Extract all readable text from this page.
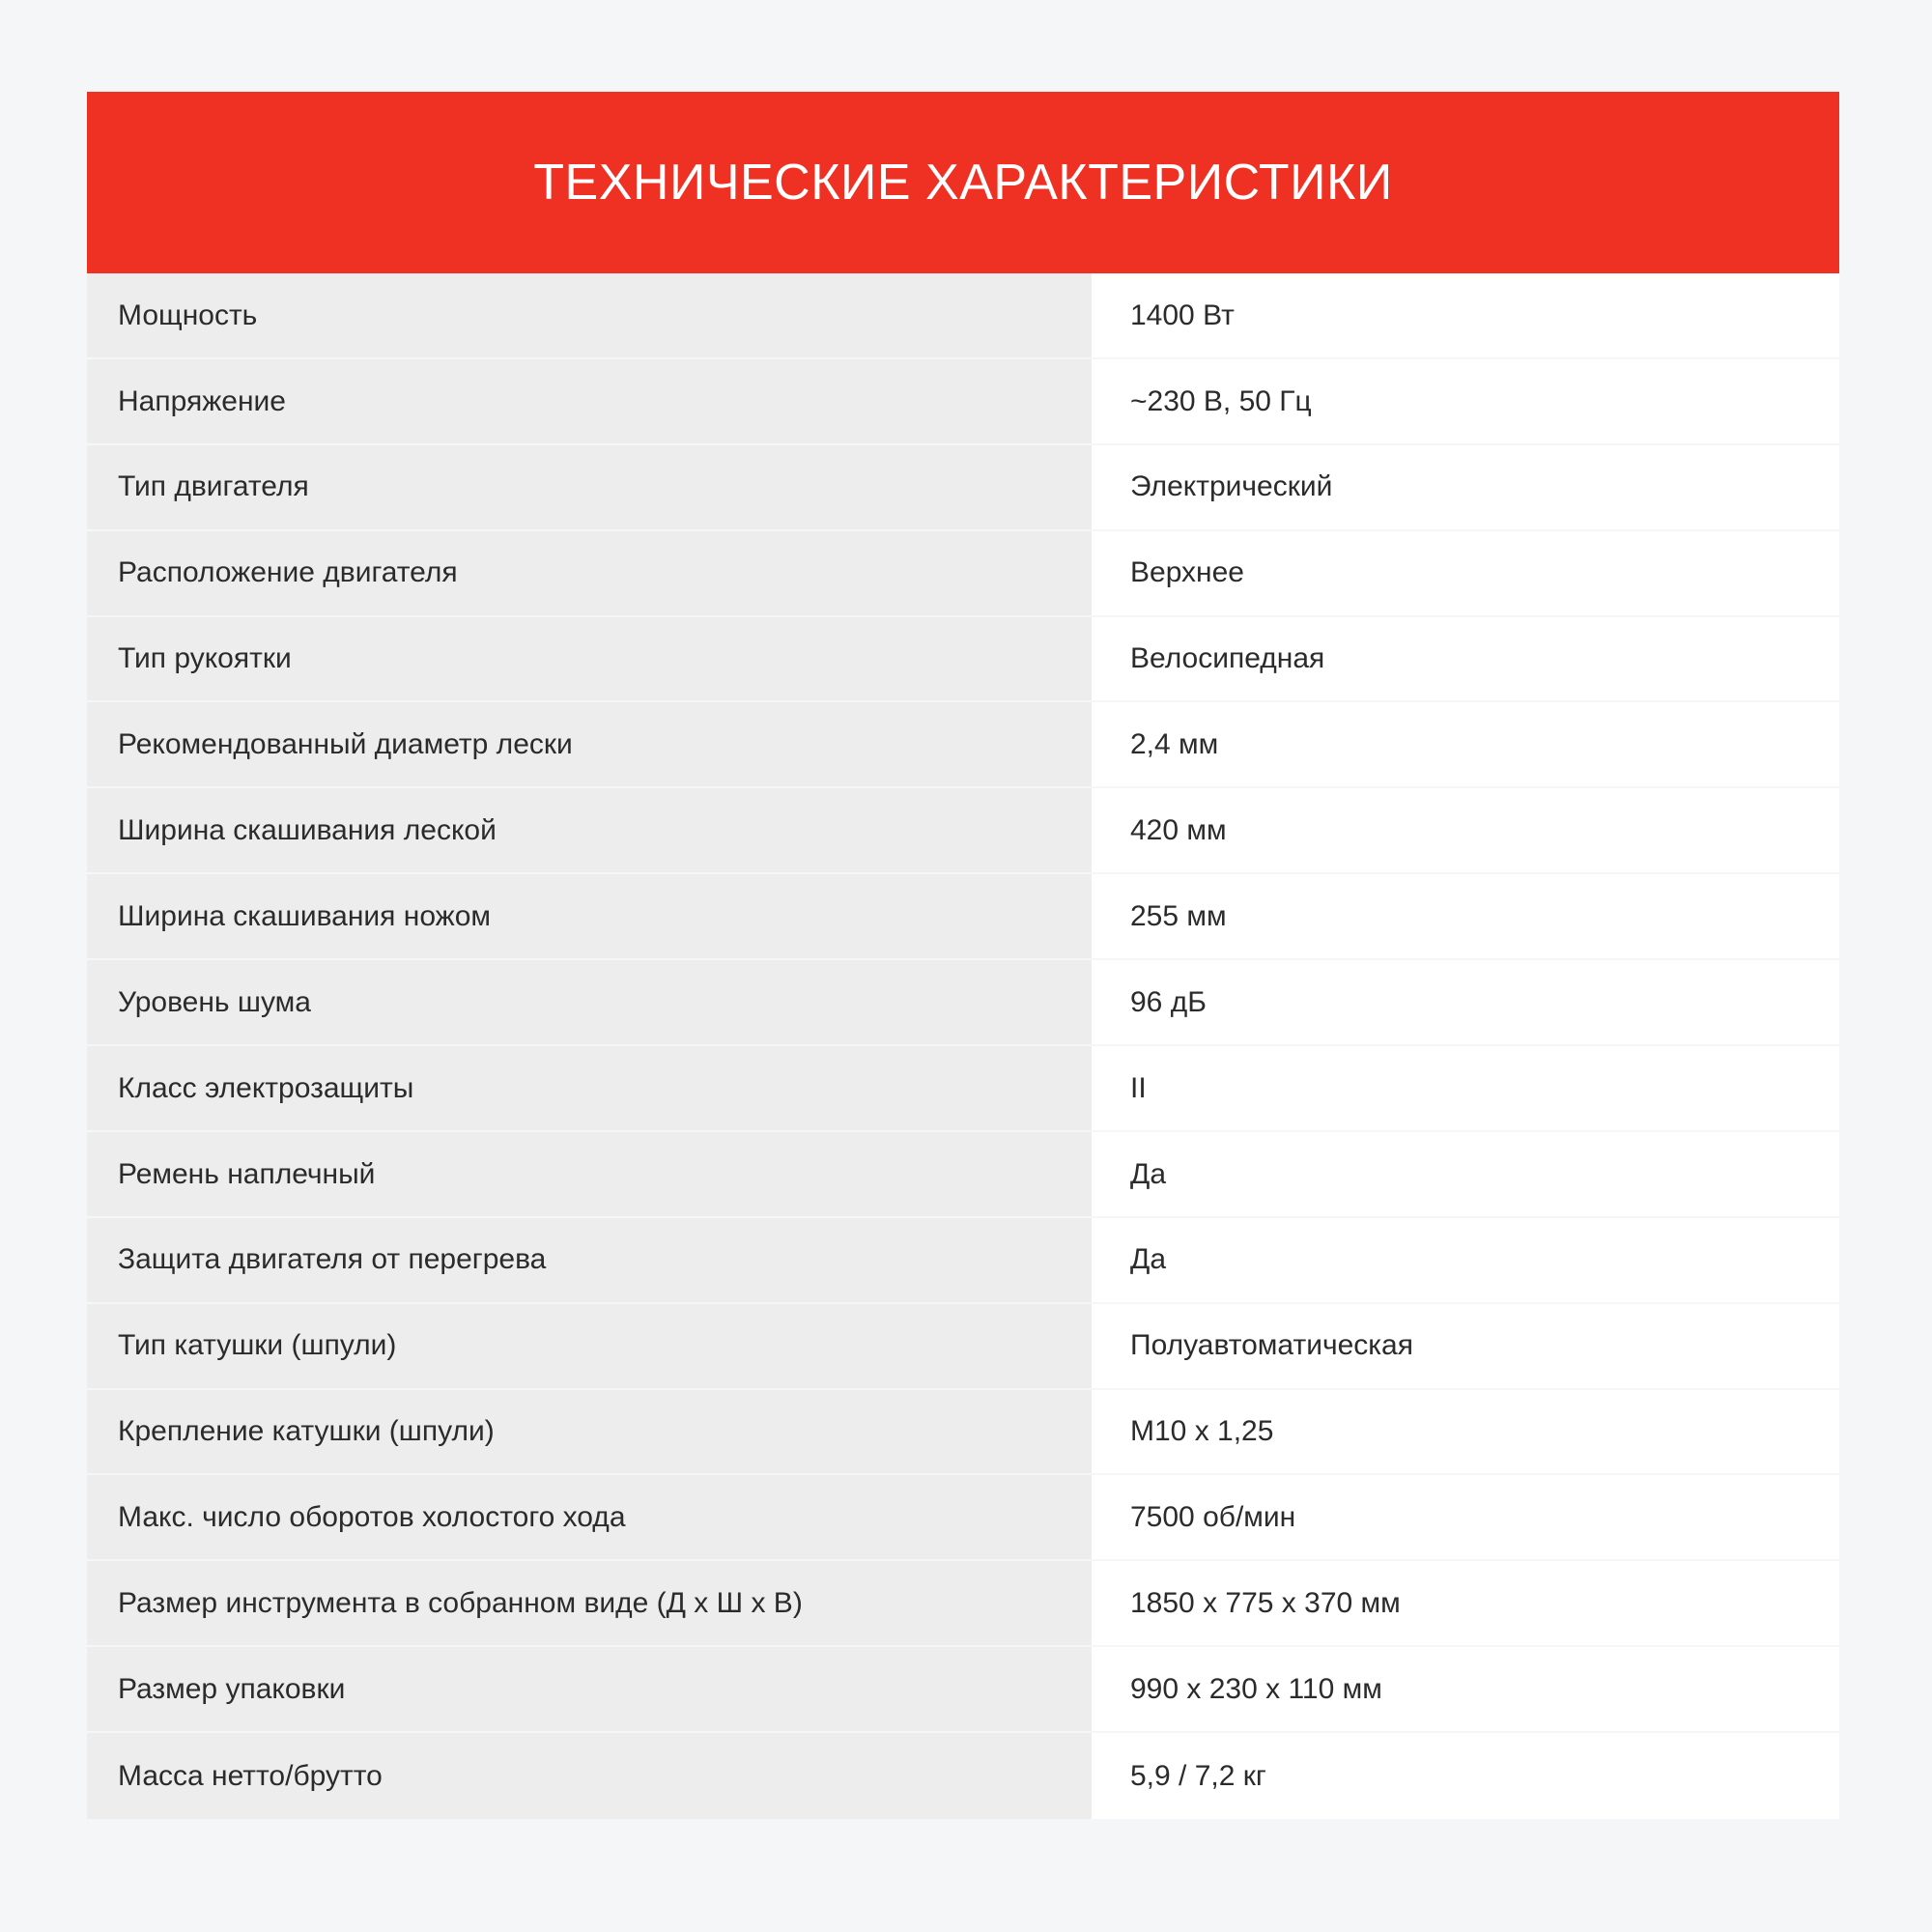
ТЕХНИЧЕСКИЕ ХАРАКТЕРИСТИКИ
Мощность	1400 Вт
Напряжение	~230 В, 50 Гц
Тип двигателя	Электрический
Расположение двигателя	Верхнее
Тип рукоятки	Велосипедная
Рекомендованный диаметр лески	2,4 мм
Ширина скашивания леской	420 мм
Ширина скашивания ножом	255 мм
Уровень шума	96 дБ
Класс электрозащиты	II
Ремень наплечный	Да
Защита двигателя от перегрева	Да
Тип катушки (шпули)	Полуавтоматическая
Крепление катушки (шпули)	M10 x 1,25
Макс. число оборотов холостого хода	7500 об/мин
Размер инструмента в собранном виде (Д х Ш х В)	1850 x 775 x 370 мм
Размер упаковки	990 x 230 x 110 мм
Масса нетто/брутто	5,9 / 7,2 кг
